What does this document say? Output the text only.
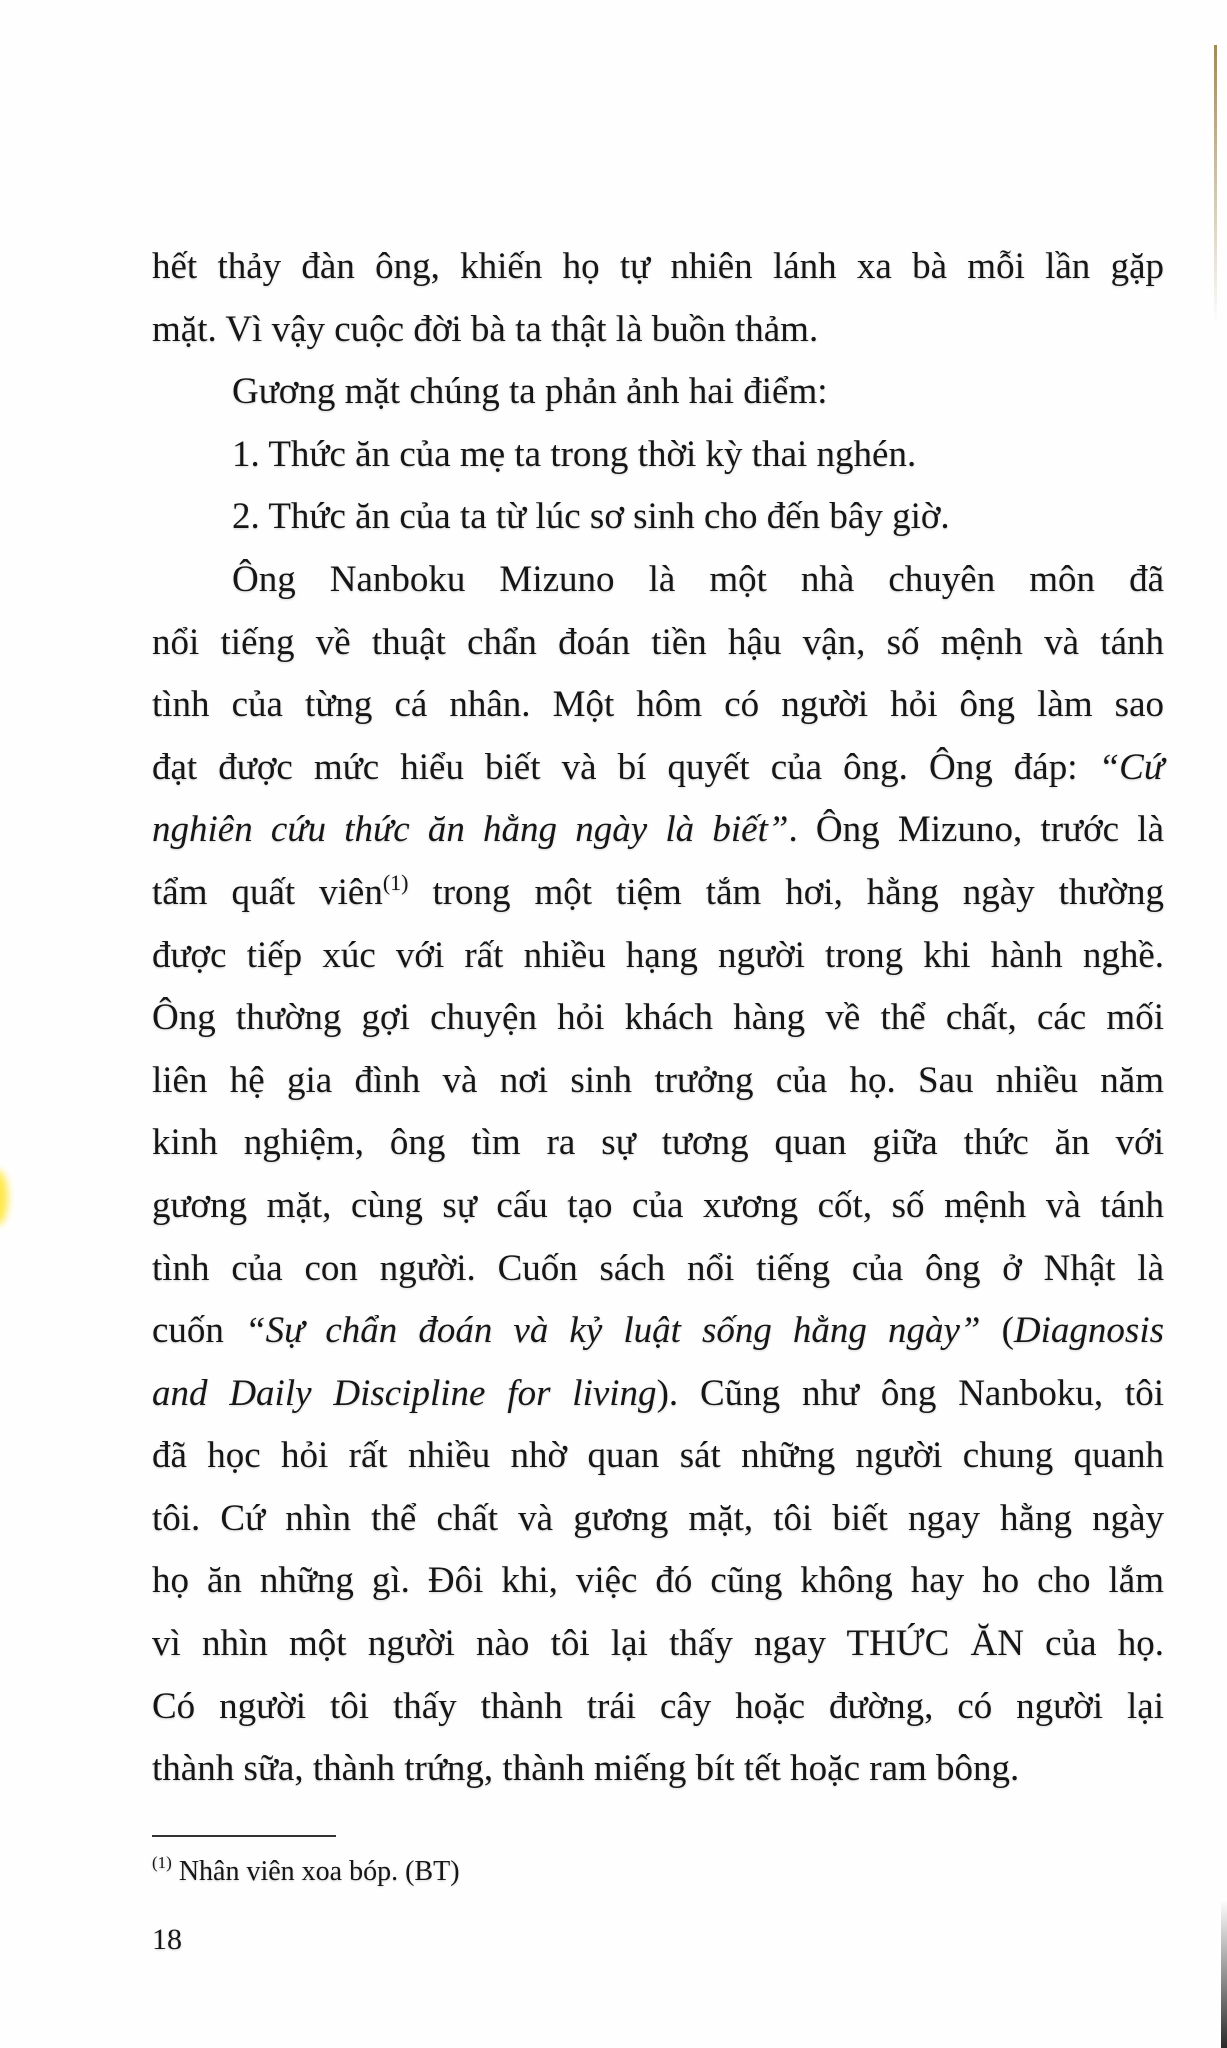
hết thảy đàn ông, khiến họ tự nhiên lánh xa bà mỗi lần gặp
mặt. Vì vậy cuộc đời bà ta thật là buồn thảm.
Gương mặt chúng ta phản ảnh hai điểm:
1. Thức ăn của mẹ ta trong thời kỳ thai nghén.
2. Thức ăn của ta từ lúc sơ sinh cho đến bây giờ.
Ông Nanboku Mizuno là một nhà chuyên môn đã
nổi tiếng về thuật chẩn đoán tiền hậu vận, số mệnh và tánh
tình của từng cá nhân. Một hôm có người hỏi ông làm sao
đạt được mức hiểu biết và bí quyết của ông. Ông đáp: “Cứ
nghiên cứu thức ăn hằng ngày là biết”. Ông Mizuno, trước là
tẩm quất viên$^{(1)}$ trong một tiệm tắm hơi, hằng ngày thường
được tiếp xúc với rất nhiều hạng người trong khi hành nghề.
Ông thường gợi chuyện hỏi khách hàng về thể chất, các mối
liên hệ gia đình và nơi sinh trưởng của họ. Sau nhiều năm
kinh nghiệm, ông tìm ra sự tương quan giữa thức ăn với
gương mặt, cùng sự cấu tạo của xương cốt, số mệnh và tánh
tình của con người. Cuốn sách nổi tiếng của ông ở Nhật là
cuốn “Sự chẩn đoán và kỷ luật sống hằng ngày” (Diagnosis
and Daily Discipline for living). Cũng như ông Nanboku, tôi
đã học hỏi rất nhiều nhờ quan sát những người chung quanh
tôi. Cứ nhìn thể chất và gương mặt, tôi biết ngay hằng ngày
họ ăn những gì. Đôi khi, việc đó cũng không hay ho cho lắm
vì nhìn một người nào tôi lại thấy ngay THỨC ĂN của họ.
Có người tôi thấy thành trái cây hoặc đường, có người lại
thành sữa, thành trứng, thành miếng bít tết hoặc ram bông.
$^{(1)}$ Nhân viên xoa bóp. (BT)
18
